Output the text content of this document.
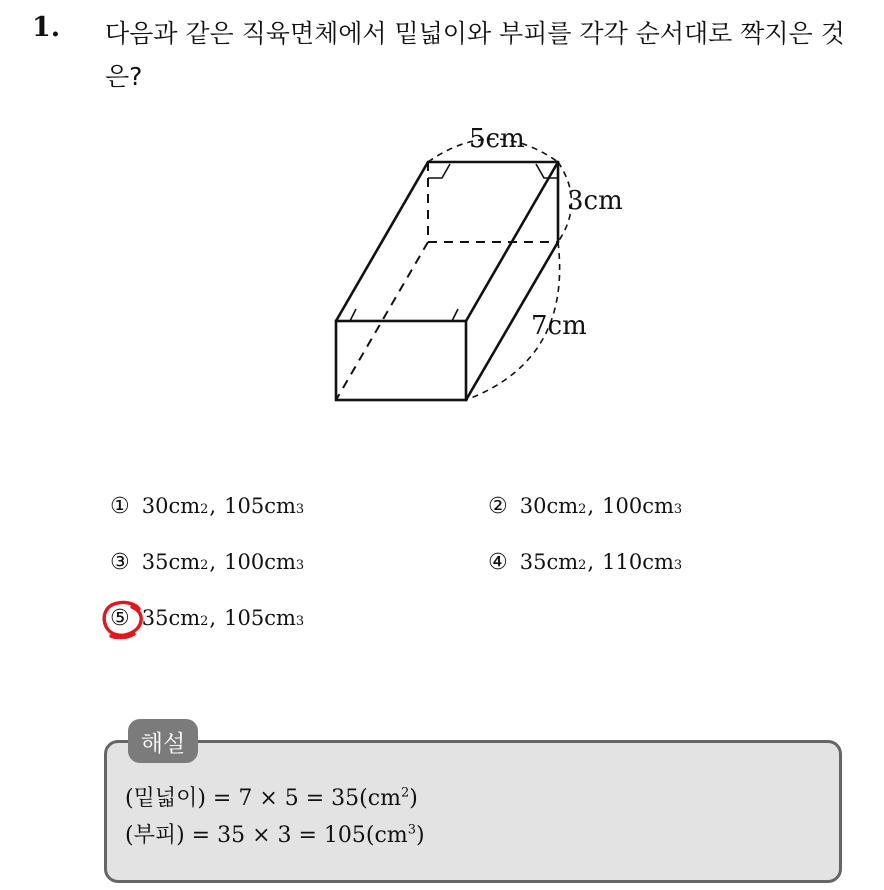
1. 다음과 같은 직육면체에서 밑넓이와 부피를 각각 순서대로 짝지은 것은?
5cm
3cm
7cm
① 30cm 2 , 105cm 3	② 30cm 2 , 100cm 3
③ 35cm 2 , 100cm 3	④ 35cm 2 , 110cm 3
⑤ 35cm 2 , 105cm 3
해설
(밑넓이) = $7 \times 5 = 35(cm^2)$
(부피) = $35 \times 3 = 105(cm^3)$
